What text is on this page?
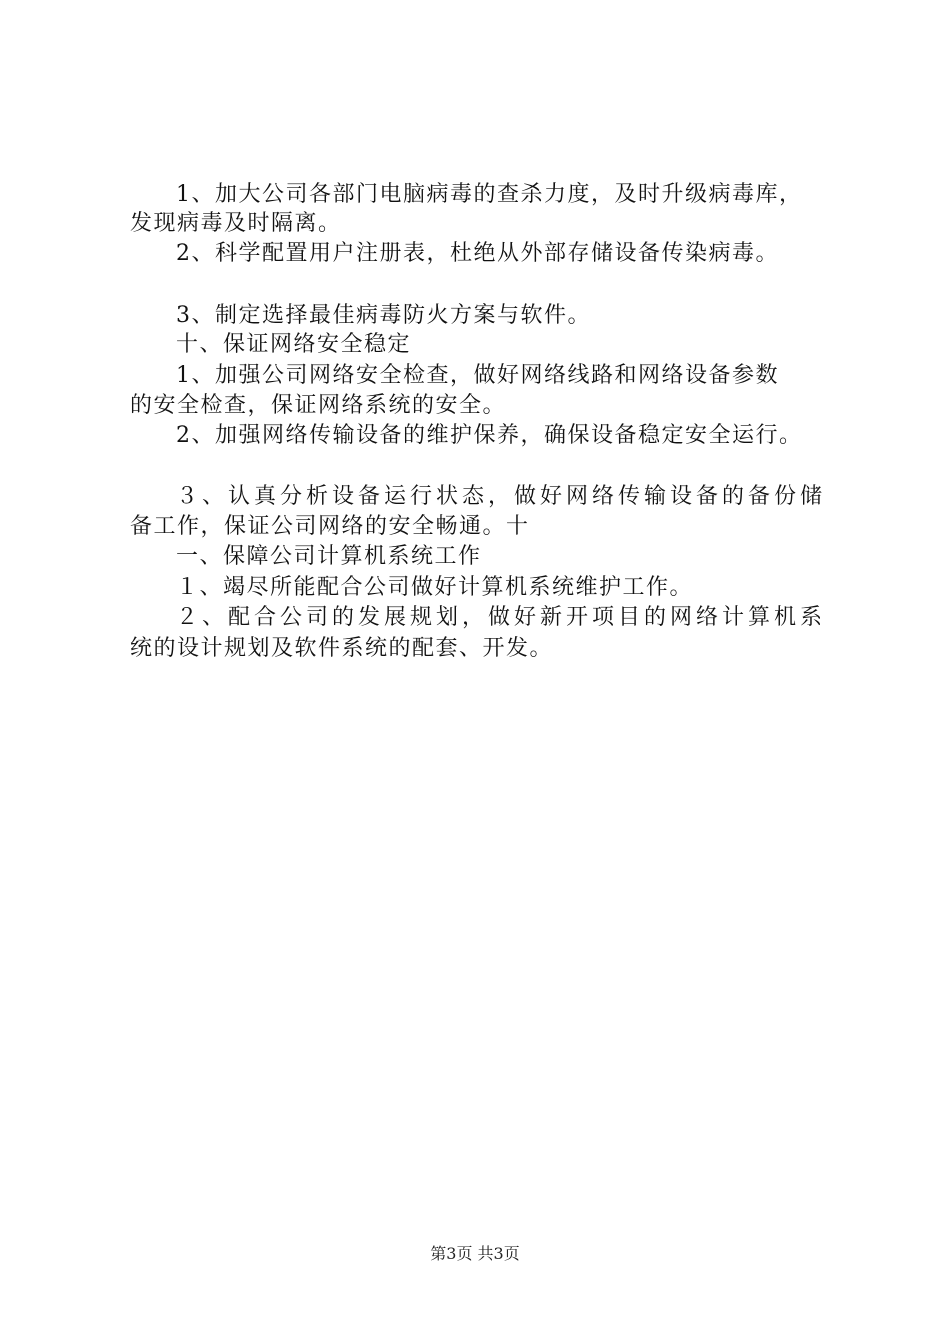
1、加大公司各部门电脑病毒的查杀力度，及时升级病毒库，
发现病毒及时隔离。
2、科学配置用户注册表，杜绝从外部存储设备传染病毒。
3、制定选择最佳病毒防火方案与软件。
十、保证网络安全稳定
1、加强公司网络安全检查，做好网络线路和网络设备参数
的安全检查，保证网络系统的安全。
2、加强网络传输设备的维护保养，确保设备稳定安全运行。
３、认真分析设备运行状态，做好网络传输设备的备份储
备工作，保证公司网络的安全畅通。十
一、保障公司计算机系统工作
１、竭尽所能配合公司做好计算机系统维护工作。
２、配合公司的发展规划，做好新开项目的网络计算机系
统的设计规划及软件系统的配套、开发。
第3页 共3页
